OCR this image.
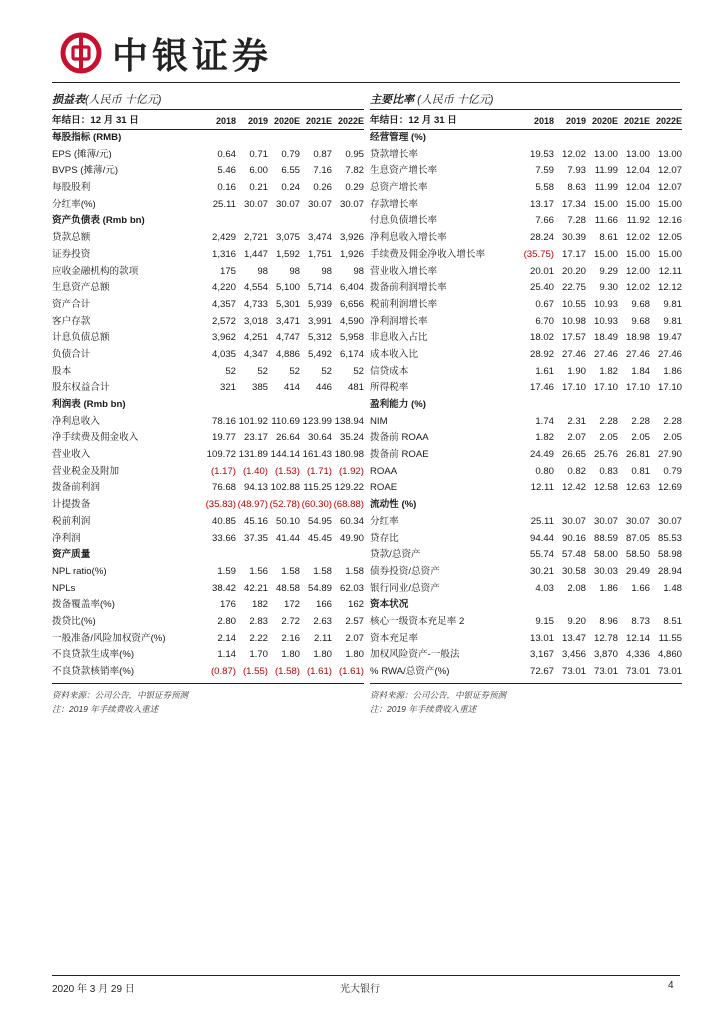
中银证券
损益表(人民币 十亿元)
年结日：12 月 31 日	2018	2019 2020E 2021E 2022E
每股指标 (RMB)
EPS (摊薄/元)	0.64	0.71	0.79	0.87	0.95
BVPS (摊薄/元)	5.46	6.00	6.55	7.16	7.82
每股股利	0.16	0.21	0.24	0.26	0.29
分红率(%)	25.11 30.07 30.07 30.07 30.07
资产负债表 (Rmb bn)
贷款总额	2,429 2,721 3,075 3,474 3,926
证券投资	1,316 1,447 1,592 1,751 1,926
应收金融机构的款项	175	98	98	98	98
生息资产总额	4,220 4,554 5,100 5,714 6,404
资产合计	4,357 4,733 5,301 5,939 6,656
客户存款	2,572 3,018 3,471 3,991 4,590
计息负债总额	3,962 4,251 4,747 5,312 5,958
负债合计	4,035 4,347 4,886 5,492 6,174
股本	52	52	52	52	52
股东权益合计	321	385	414	446	481
利润表 (Rmb bn)
净利息收入	78.16 101.92 110.69 123.99 138.94
净手续费及佣金收入	19.77 23.17 26.64 30.64 35.24
营业收入	109.72 131.89 144.14 161.43 180.98
营业税金及附加	(1.17) (1.40) (1.53) (1.71) (1.92)
拨备前利润	76.68 94.13 102.88 115.25 129.22
计提拨备	(35.83) (48.97) (52.78) (60.30) (68.88)
税前利润	40.85 45.16 50.10 54.95 60.34
净利润	33.66 37.35 41.44 45.45 49.90
资产质量
NPL ratio(%)	1.59	1.56	1.58	1.58	1.58
NPLs	38.42 42.21 48.58 54.89 62.03
拨备覆盖率(%)	176	182	172	166	162
拨贷比(%)	2.80	2.83	2.72	2.63	2.57
一般准备/风险加权资产(%)	2.14	2.22	2.16	2.11	2.07
不良贷款生成率(%)	1.14	1.70	1.80	1.80	1.80
不良贷款核销率(%)	(0.87) (1.55) (1.58) (1.61) (1.61)
资料来源：公司公告，中银证券预测
注：2019 年手续费收入重述
主要比率 (人民币 十亿元)
年结日：12 月 31 日	2018	2019 2020E 2021E 2022E
经营管理 (%)
贷款增长率	19.53 12.02 13.00 13.00 13.00
生息资产增长率	7.59	7.93 11.99 12.04 12.07
总资产增长率	5.58	8.63 11.99 12.04 12.07
存款增长率	13.17 17.34 15.00 15.00 15.00
付息负债增长率	7.66	7.28 11.66 11.92 12.16
净利息收入增长率	28.24 30.39	8.61 12.02 12.05
手续费及佣金净收入增长率	(35.75) 17.17 15.00 15.00 15.00
营业收入增长率	20.01 20.20	9.29 12.00 12.11
拨备前利润增长率	25.40 22.75	9.30 12.02 12.12
税前利润增长率	0.67 10.55 10.93	9.68	9.81
净利润增长率	6.70 10.98 10.93	9.68	9.81
非息收入占比	18.02 17.57 18.49 18.98 19.47
成本收入比	28.92 27.46 27.46 27.46 27.46
信贷成本	1.61	1.90	1.82	1.84	1.86
所得税率	17.46 17.10 17.10 17.10 17.10
盈利能力 (%)
NIM	1.74	2.31	2.28	2.28	2.28
拨备前 ROAA	1.82	2.07	2.05	2.05	2.05
拨备前 ROAE	24.49 26.65 25.76 26.81 27.90
ROAA	0.80	0.82	0.83	0.81	0.79
ROAE	12.11 12.42 12.58 12.63 12.69
流动性 (%)
分红率	25.11 30.07 30.07 30.07 30.07
贷存比	94.44 90.16 88.59 87.05 85.53
贷款/总资产	55.74 57.48 58.00 58.50 58.98
债券投资/总资产	30.21 30.58 30.03 29.49 28.94
银行同业/总资产	4.03	2.08	1.86	1.66	1.48
资本状况
核心一级资本充足率 2	9.15	9.20	8.96	8.73	8.51
资本充足率	13.01 13.47 12.78 12.14 11.55
加权风险资产-一般法	3,167 3,456 3,870 4,336 4,860
% RWA/总资产(%)	72.67 73.01 73.01 73.01 73.01
资料来源：公司公告，中银证券预测
注：2019 年手续费收入重述
2020 年 3 月 29 日	光大银行	4
